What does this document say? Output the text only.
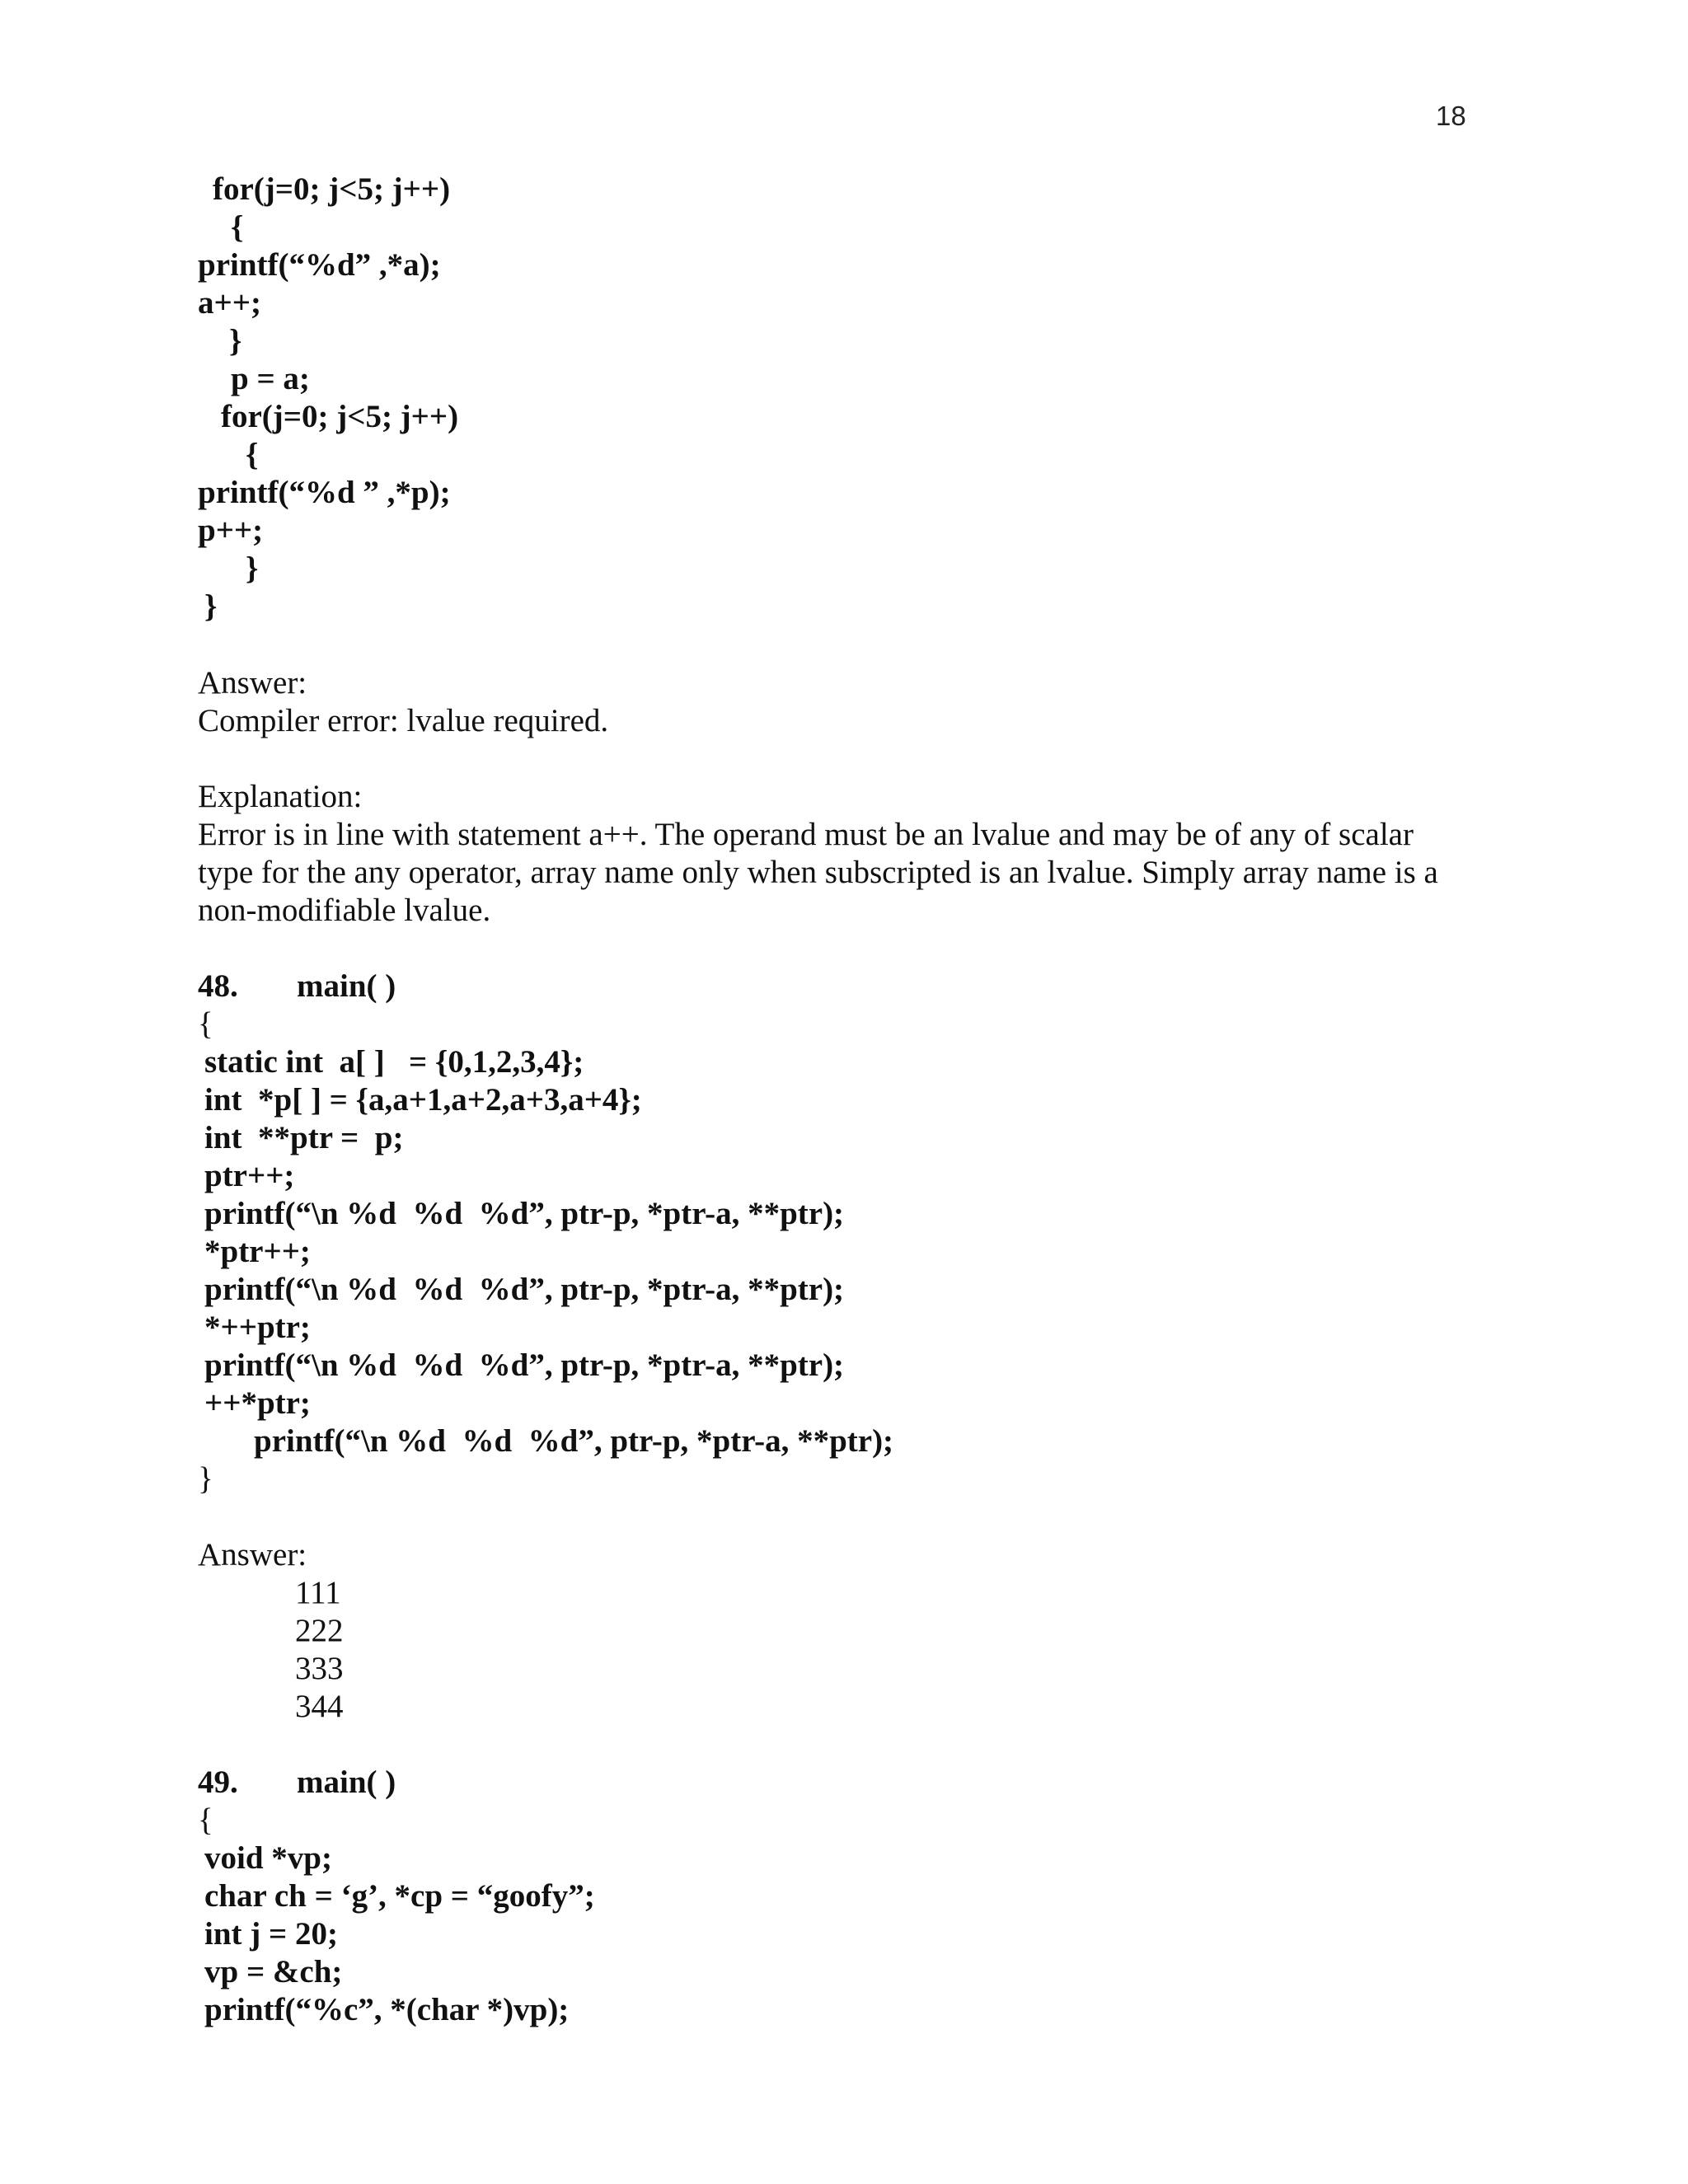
18
for(j=0; j<5; j++)
{
printf(“%d” ,*a);
a++;
}
p = a;
for(j=0; j<5; j++)
{
printf(“%d ” ,*p);
p++;
}
}
Answer:
Compiler error: lvalue required.
Explanation:
Error is in line with statement a++. The operand must be an lvalue and may be of any of scalar
type for the any operator, array name only when subscripted is an lvalue. Simply array name is a
non-modifiable lvalue.
48. main( )
{
static int  a[ ]   = {0,1,2,3,4};
int  *p[ ] = {a,a+1,a+2,a+3,a+4};
int  **ptr =  p;
ptr++;
printf(“\n %d  %d  %d”, ptr-p, *ptr-a, **ptr);
*ptr++;
printf(“\n %d  %d  %d”, ptr-p, *ptr-a, **ptr);
*++ptr;
printf(“\n %d  %d  %d”, ptr-p, *ptr-a, **ptr);
++*ptr;
printf(“\n %d  %d  %d”, ptr-p, *ptr-a, **ptr);
}
Answer:
111
222
333
344
49. main( )
{
void *vp;
char ch = ‘g’, *cp = “goofy”;
int j = 20;
vp = &ch;
printf(“%c”, *(char *)vp);
